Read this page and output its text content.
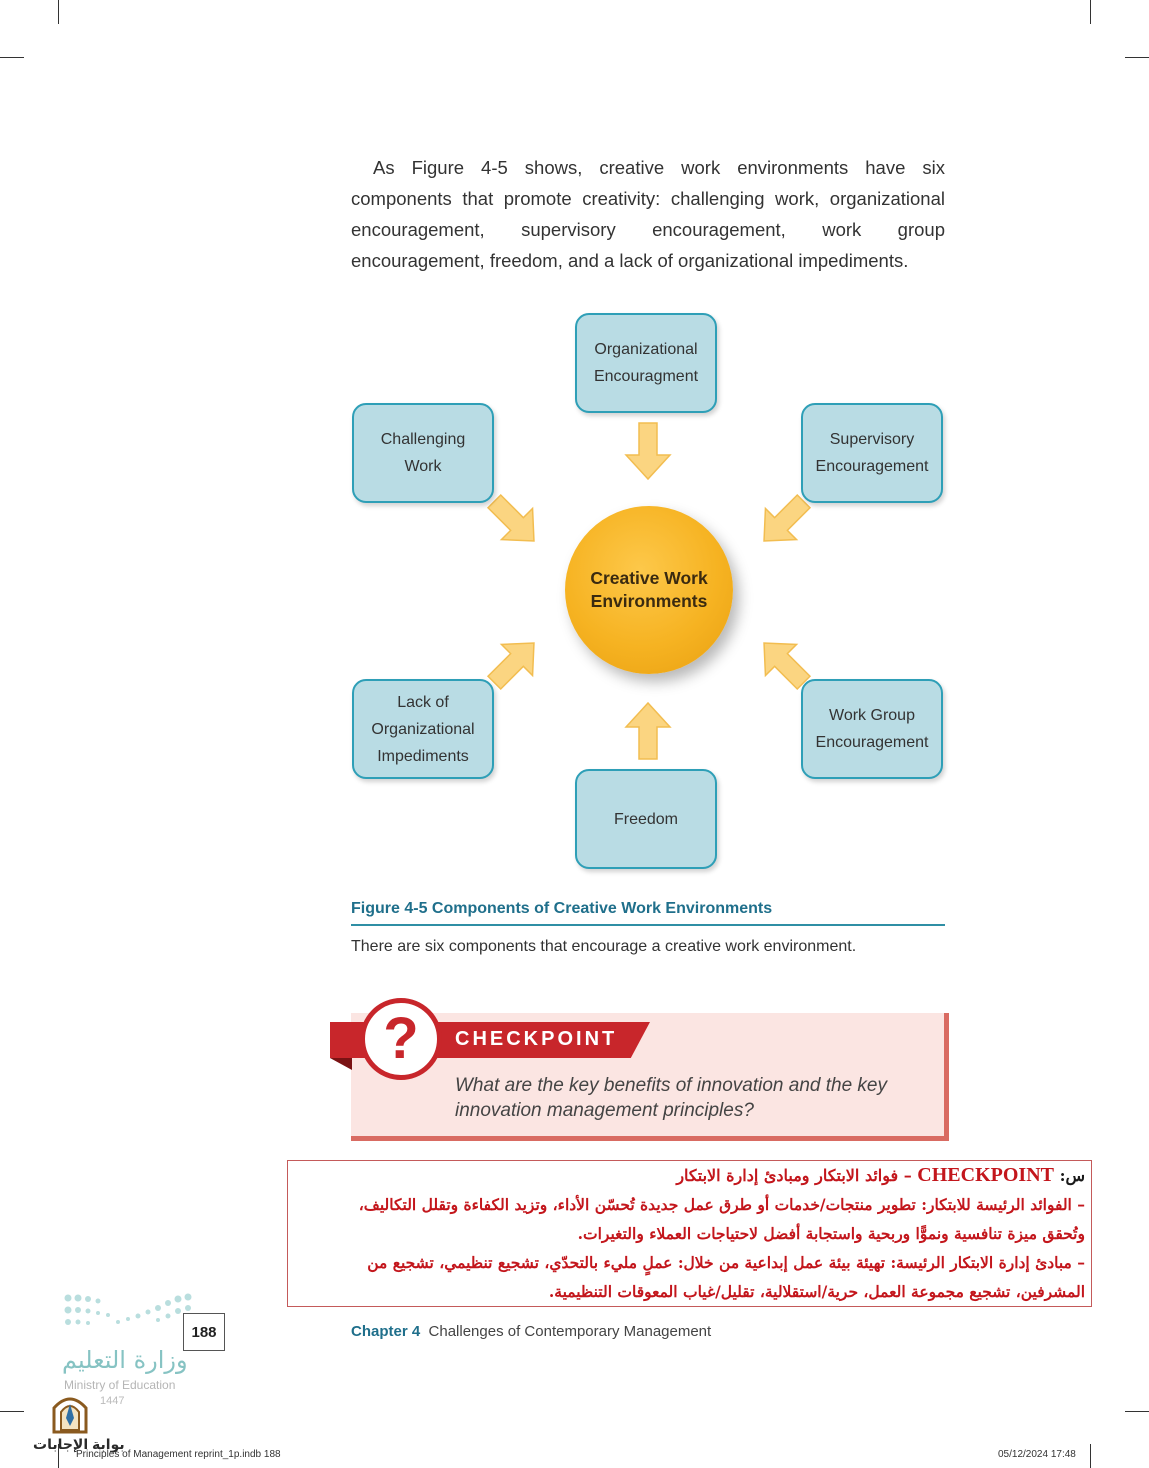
As Figure 4-5 shows, creative work environments have six components that promote creativity: challenging work, organizational encouragement, supervisory encouragement, work group encouragement, freedom, and a lack of organizational impediments.

Organizational
Encouragment
Challenging
Work
Supervisory
Encouragement
Lack of
Organizational
Impediments
Work Group
Encouragement
Freedom
Creative Work
Environments
Figure 4-5 Components of Creative Work Environments
There are six components that encourage a creative work environment.
CHECKPOINT
?
What are the key benefits of innovation and the key innovation management principles?
س: CHECKPOINT – فوائد الابتكار ومبادئ إدارة الابتكار
– الفوائد الرئيسة للابتكار: تطوير منتجات/خدمات أو طرق عمل جديدة تُحسّن الأداء، وتزيد الكفاءة وتقلل التكاليف،
وتُحقق ميزة تنافسية ونموًّا وربحية واستجابة أفضل لاحتياجات العملاء والتغيرات.
– مبادئ إدارة الابتكار الرئيسة: تهيئة بيئة عمل إبداعية من خلال: عملٍ مليء بالتحدّي، تشجيع تنظيمي، تشجيع من
المشرفين، تشجيع مجموعة العمل، حرية/استقلالية، تقليل/غياب المعوقات التنظيمية.
Chapter 4 Challenges of Contemporary Management
188
وزارة التعليم
Ministry of Education
1447
بوابة الإجابات
Principles of Management reprint_1p.indb 188	05/12/2024 17:48
